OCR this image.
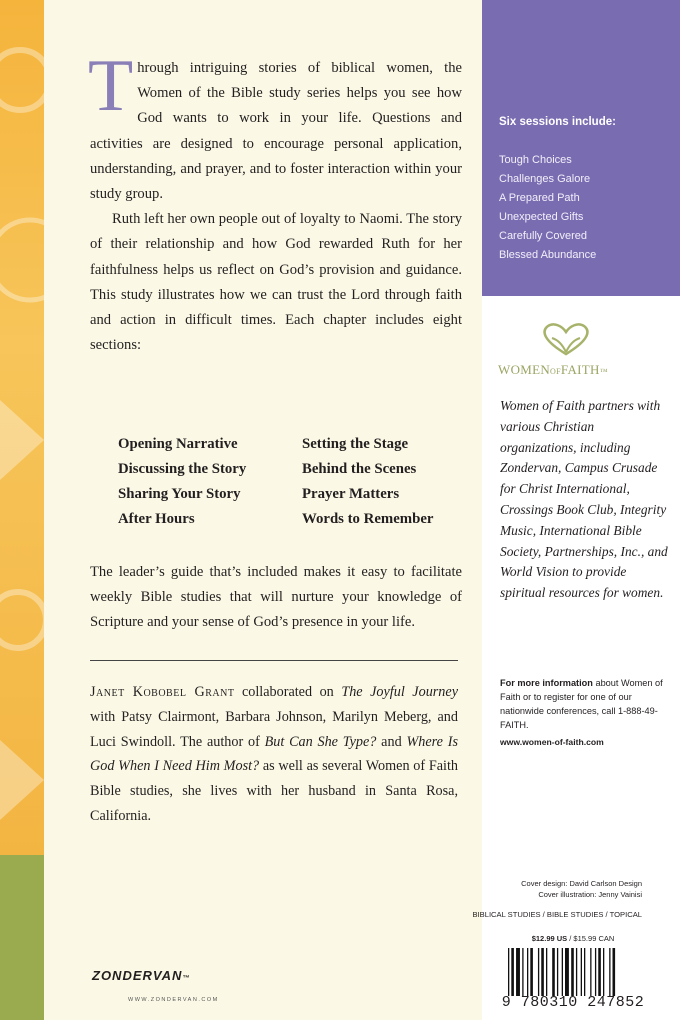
Through intriguing stories of biblical women, the Women of the Bible study series helps you see how God wants to work in your life. Questions and activities are designed to encourage personal application, understanding, and prayer, and to foster interaction within your study group.

Ruth left her own people out of loyalty to Naomi. The story of their relationship and how God rewarded Ruth for her faithfulness helps us reflect on God’s provision and guidance. This study illustrates how we can trust the Lord through faith and action in difficult times. Each chapter includes eight sections:

Opening Narrative	Setting the Stage
Discussing the Story	Behind the Scenes
Sharing Your Story	Prayer Matters
After Hours	Words to Remember

The leader’s guide that’s included makes it easy to facilitate weekly Bible studies that will nurture your knowledge of Scripture and your sense of God’s presence in your life.

Janet Kobobel Grant collaborated on The Joyful Journey with Patsy Clairmont, Barbara Johnson, Marilyn Meberg, and Luci Swindoll. The author of But Can She Type? and Where Is God When I Need Him Most? as well as several Women of Faith Bible studies, she lives with her husband in Santa Rosa, California.

ZONDERVAN™
WWW.ZONDERVAN.COM
Six sessions include:
Tough Choices
Challenges Galore
A Prepared Path
Unexpected Gifts
Carefully Covered
Blessed Abundance
WOMENOFFAITH™

Women of Faith partners with various Christian organizations, including Zondervan, Campus Crusade for Christ International, Crossings Book Club, Integrity Music, International Bible Society, Partnerships, Inc., and World Vision to provide spiritual resources for women.

For more information about Women of Faith or to register for one of our nationwide conferences, call 1-888-49-FAITH.

www.women-of-faith.com
Cover design: David Carlson Design
Cover illustration: Jenny Vainisi
BIBLICAL STUDIES / BIBLE STUDIES / TOPICAL
$12.99 US / $15.99 CAN
9 780310 247852
